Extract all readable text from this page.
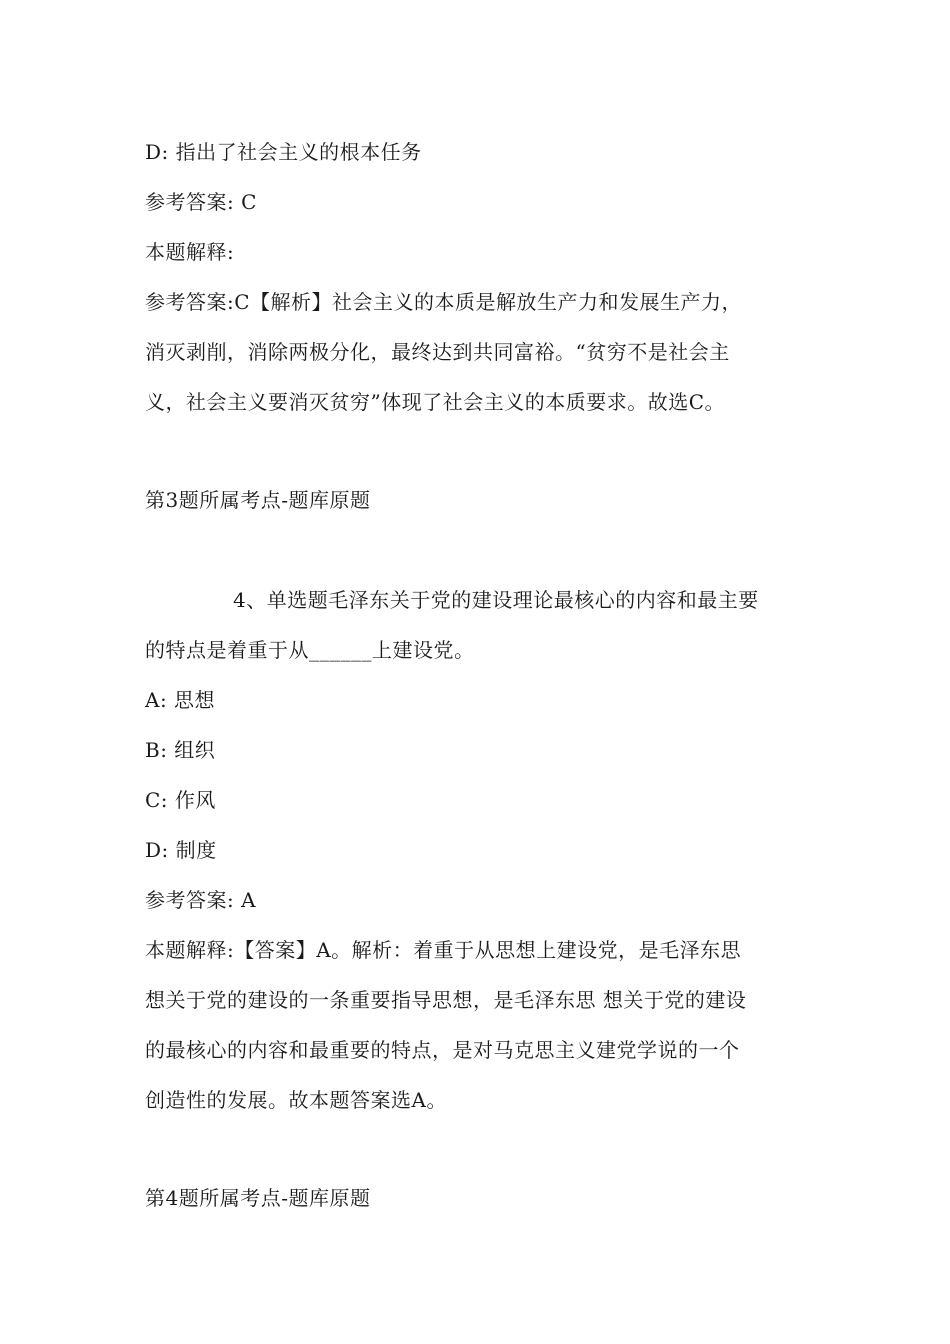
D: 指出了社会主义的根本任务
参考答案: C
本题解释:
参考答案:C【解析】社会主义的本质是解放生产力和发展生产力，
消灭剥削，消除两极分化，最终达到共同富裕。“贫穷不是社会主
义，社会主义要消灭贫穷”体现了社会主义的本质要求。故选C。
第3题所属考点-题库原题
4、单选题毛泽东关于党的建设理论最核心的内容和最主要
的特点是着重于从______上建设党。
A: 思想
B: 组织
C: 作风
D: 制度
参考答案: A
本题解释:【答案】A。解析：着重于从思想上建设党，是毛泽东思
想关于党的建设的一条重要指导思想，是毛泽东思 想关于党的建设
的最核心的内容和最重要的特点，是对马克思主义建党学说的一个
创造性的发展。故本题答案选A。
第4题所属考点-题库原题
